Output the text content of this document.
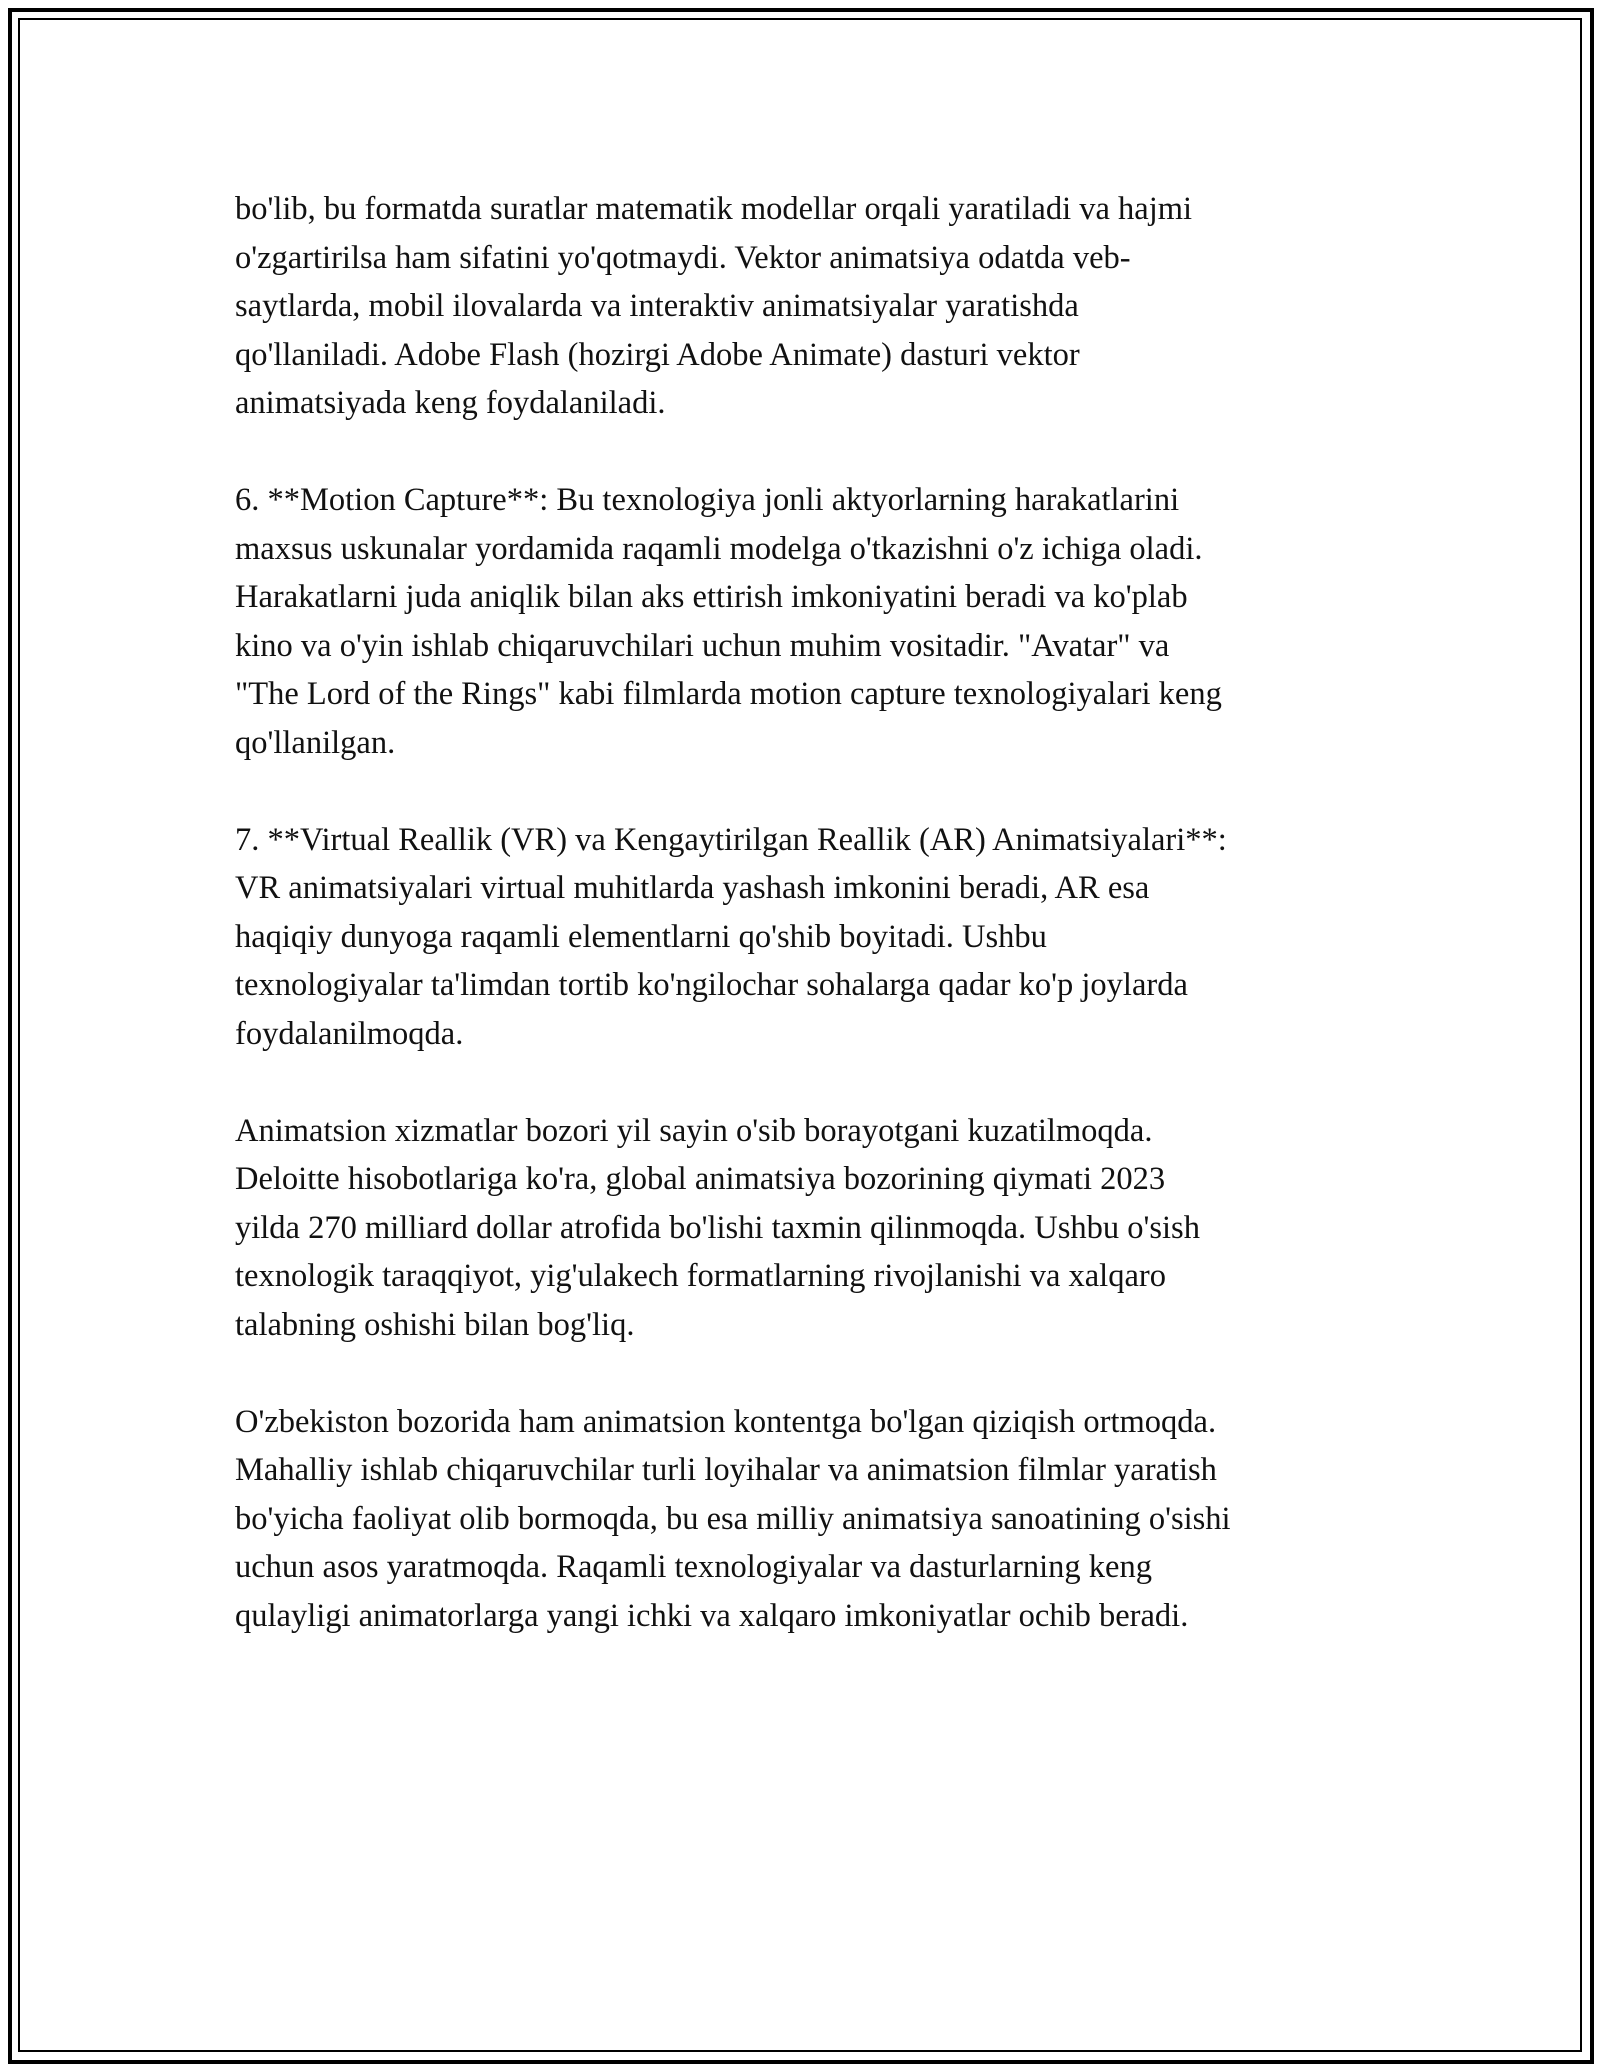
bo'lib, bu formatda suratlar matematik modellar orqali yaratiladi va hajmi
o'zgartirilsa ham sifatini yo'qotmaydi. Vektor animatsiya odatda veb-
saytlarda, mobil ilovalarda va interaktiv animatsiyalar yaratishda
qo'llaniladi. Adobe Flash (hozirgi Adobe Animate) dasturi vektor
animatsiyada keng foydalaniladi.

6. **Motion Capture**: Bu texnologiya jonli aktyorlarning harakatlarini
maxsus uskunalar yordamida raqamli modelga o'tkazishni o'z ichiga oladi.
Harakatlarni juda aniqlik bilan aks ettirish imkoniyatini beradi va ko'plab
kino va o'yin ishlab chiqaruvchilari uchun muhim vositadir. "Avatar" va
"The Lord of the Rings" kabi filmlarda motion capture texnologiyalari keng
qo'llanilgan.

7. **Virtual Reallik (VR) va Kengaytirilgan Reallik (AR) Animatsiyalari**:
VR animatsiyalari virtual muhitlarda yashash imkonini beradi, AR esa
haqiqiy dunyoga raqamli elementlarni qo'shib boyitadi. Ushbu
texnologiyalar ta'limdan tortib ko'ngilochar sohalarga qadar ko'p joylarda
foydalanilmoqda.

Animatsion xizmatlar bozori yil sayin o'sib borayotgani kuzatilmoqda.
Deloitte hisobotlariga ko'ra, global animatsiya bozorining qiymati 2023
yilda 270 milliard dollar atrofida bo'lishi taxmin qilinmoqda. Ushbu o'sish
texnologik taraqqiyot, yig'ulakech formatlarning rivojlanishi va xalqaro
talabning oshishi bilan bog'liq.

O'zbekiston bozorida ham animatsion kontentga bo'lgan qiziqish ortmoqda.
Mahalliy ishlab chiqaruvchilar turli loyihalar va animatsion filmlar yaratish
bo'yicha faoliyat olib bormoqda, bu esa milliy animatsiya sanoatining o'sishi
uchun asos yaratmoqda. Raqamli texnologiyalar va dasturlarning keng
qulayligi animatorlarga yangi ichki va xalqaro imkoniyatlar ochib beradi.
